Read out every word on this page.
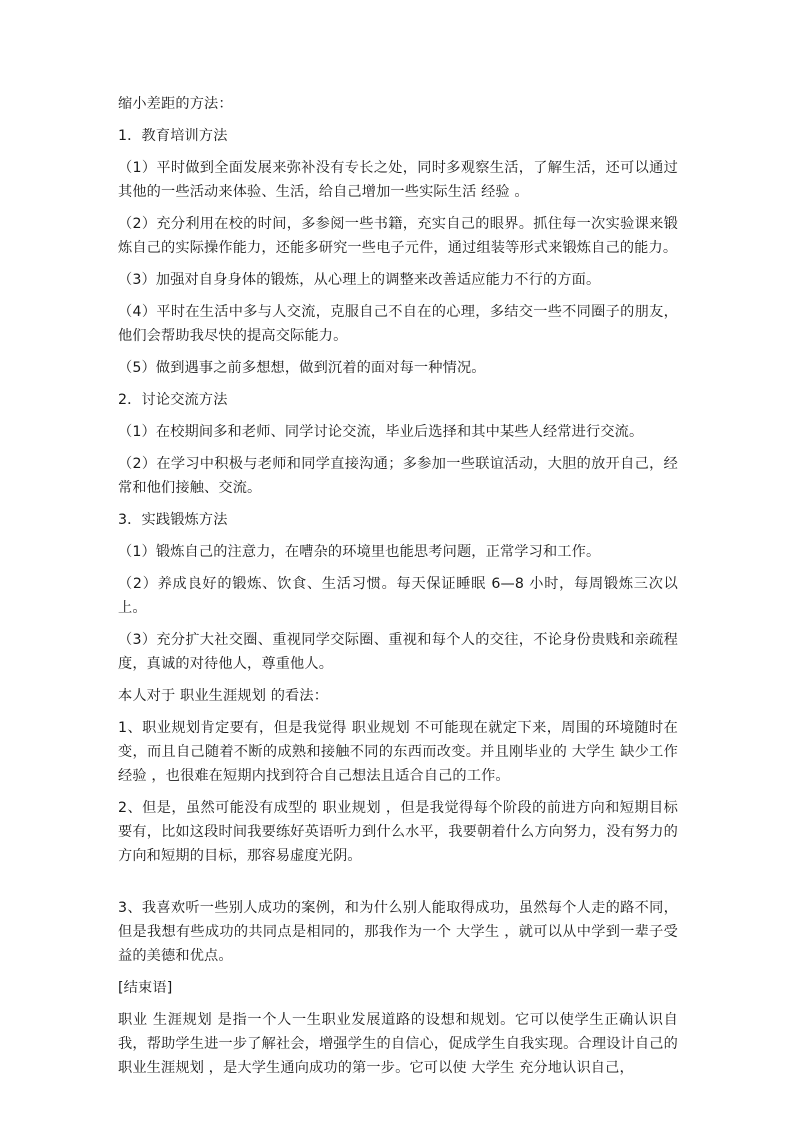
缩小差距的方法：

1．教育培训方法

（1）平时做到全面发展来弥补没有专长之处，同时多观察生活，了解生活，还可以通过其他的一些活动来体验、生活，给自己增加一些实际生活 经验 。

（2）充分利用在校的时间，多参阅一些书籍，充实自己的眼界。抓住每一次实验课来锻炼自己的实际操作能力，还能多研究一些电子元件，通过组装等形式来锻炼自己的能力。

（3）加强对自身身体的锻炼，从心理上的调整来改善适应能力不行的方面。

（4）平时在生活中多与人交流，克服自己不自在的心理，多结交一些不同圈子的朋友，他们会帮助我尽快的提高交际能力。

（5）做到遇事之前多想想，做到沉着的面对每一种情况。

2．讨论交流方法

（1）在校期间多和老师、同学讨论交流，毕业后选择和其中某些人经常进行交流。

（2）在学习中积极与老师和同学直接沟通；多参加一些联谊活动，大胆的放开自己，经常和他们接触、交流。

3．实践锻炼方法

（1）锻炼自己的注意力，在嘈杂的环境里也能思考问题，正常学习和工作。

（2）养成良好的锻炼、饮食、生活习惯。每天保证睡眠 6—8 小时，每周锻炼三次以上。

（3）充分扩大社交圈、重视同学交际圈、重视和每个人的交往，不论身份贵贱和亲疏程度，真诚的对待他人，尊重他人。

本人对于 职业生涯规划 的看法：

1、职业规划肯定要有，但是我觉得 职业规划 不可能现在就定下来，周围的环境随时在变，而且自己随着不断的成熟和接触不同的东西而改变。并且刚毕业的 大学生 缺少工作 经验 ，也很难在短期内找到符合自己想法且适合自己的工作。

2、但是，虽然可能没有成型的 职业规划 ，但是我觉得每个阶段的前进方向和短期目标要有，比如这段时间我要练好英语听力到什么水平，我要朝着什么方向努力，没有努力的方向和短期的目标，那容易虚度光阴。

3、我喜欢听一些别人成功的案例，和为什么别人能取得成功，虽然每个人走的路不同，但是我想有些成功的共同点是相同的，那我作为一个 大学生 ，就可以从中学到一辈子受益的美德和优点。

[结束语]

职业 生涯规划 是指一个人一生职业发展道路的设想和规划。它可以使学生正确认识自我，帮助学生进一步了解社会，增强学生的自信心，促成学生自我实现。合理设计自己的 职业生涯规划 ，是大学生通向成功的第一步。它可以使 大学生 充分地认识自己，
